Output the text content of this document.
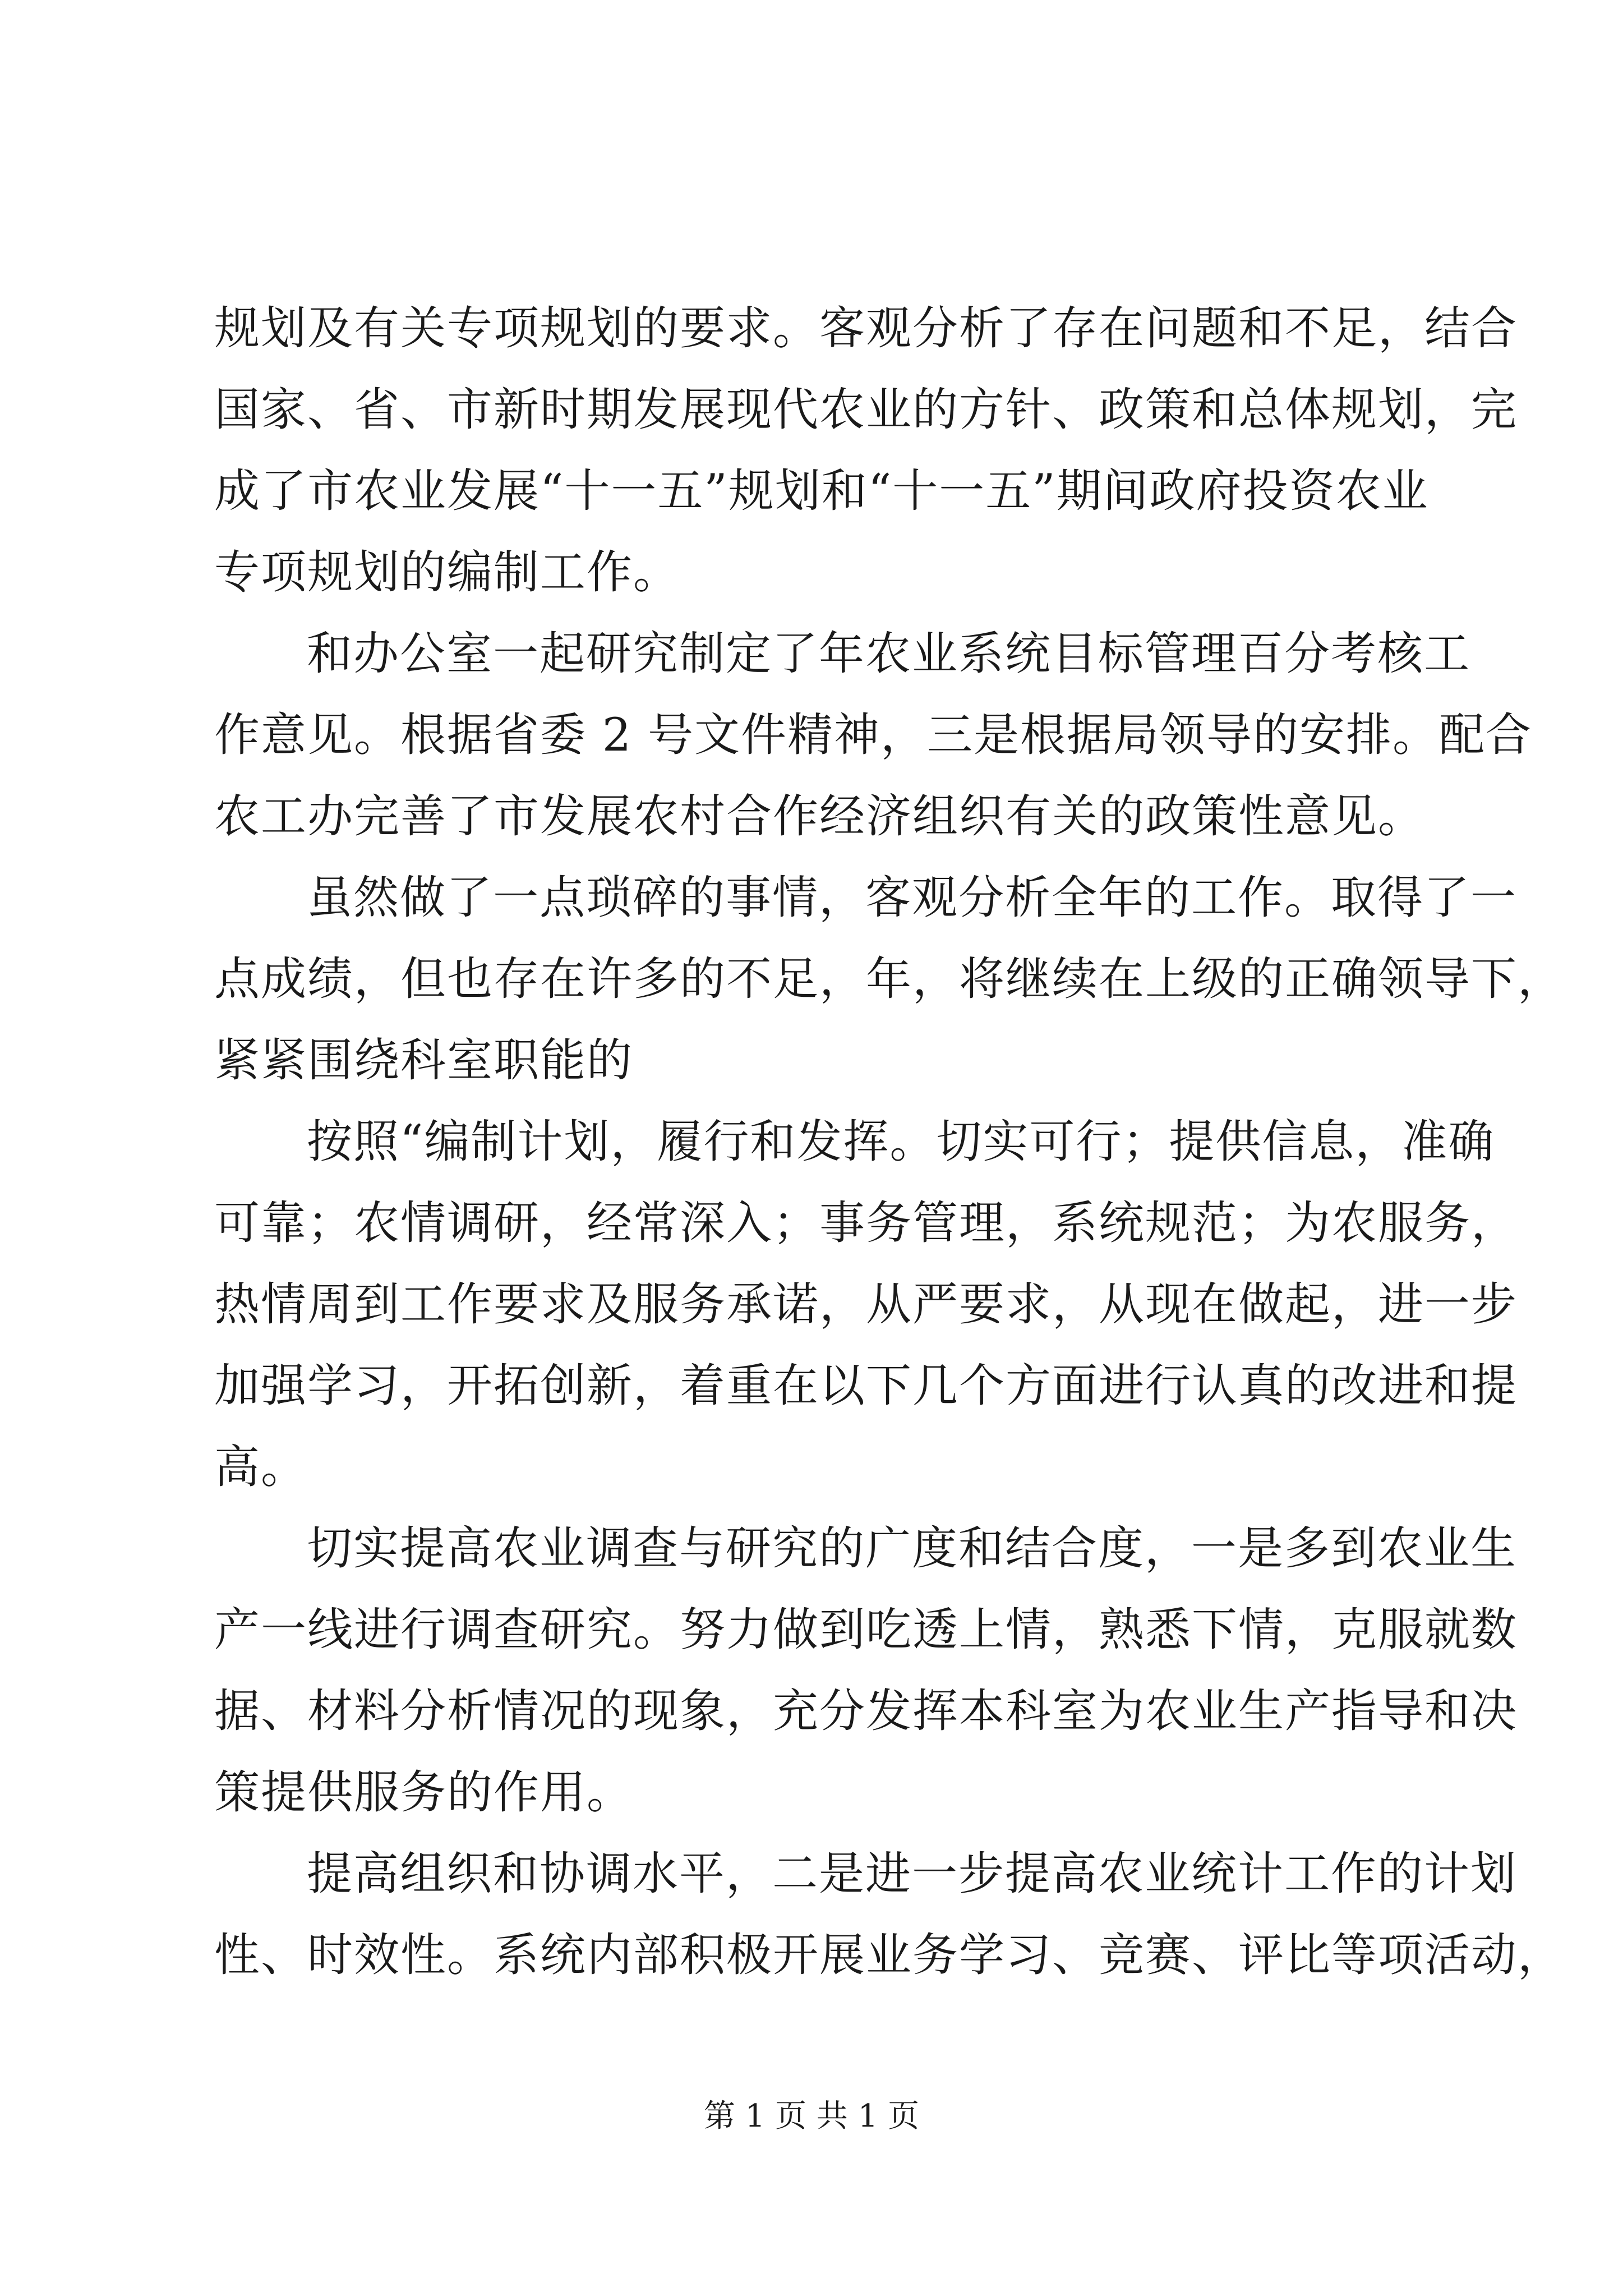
规划及有关专项规划的要求。客观分析了存在问题和不足，结合
国家、省、市新时期发展现代农业的方针、政策和总体规划，完
成了市农业发展“十一五”规划和“十一五”期间政府投资农业
专项规划的编制工作。
和办公室一起研究制定了年农业系统目标管理百分考核工
作意见。根据省委 2 号文件精神，三是根据局领导的安排。配合
农工办完善了市发展农村合作经济组织有关的政策性意见。
虽然做了一点琐碎的事情，客观分析全年的工作。取得了一
点成绩，但也存在许多的不足，年，将继续在上级的正确领导下，
紧紧围绕科室职能的
按照“编制计划，履行和发挥。切实可行；提供信息，准确
可靠；农情调研，经常深入；事务管理，系统规范；为农服务，
热情周到工作要求及服务承诺，从严要求，从现在做起，进一步
加强学习，开拓创新，着重在以下几个方面进行认真的改进和提
高。
切实提高农业调查与研究的广度和结合度，一是多到农业生
产一线进行调查研究。努力做到吃透上情，熟悉下情，克服就数
据、材料分析情况的现象，充分发挥本科室为农业生产指导和决
策提供服务的作用。
提高组织和协调水平，二是进一步提高农业统计工作的计划
性、时效性。系统内部积极开展业务学习、竞赛、评比等项活动，
第 1 页 共 1 页
